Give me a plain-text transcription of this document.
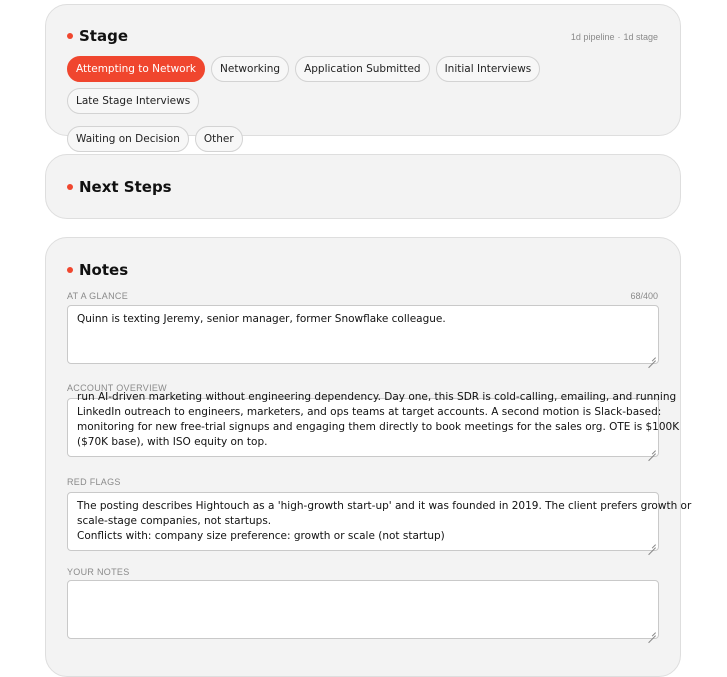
Stage	1d pipeline · 1d stage
Attempting to Network	Networking	Application Submitted	Initial Interviews
Late Stage Interviews
Waiting on Decision	Other
Next Steps
Notes
AT A GLANCE	68/400
Quinn is texting Jeremy, senior manager, former Snowflake colleague.
ACCOUNT OVERVIEW
run AI-driven marketing without engineering dependency. Day one, this SDR is cold-calling, emailing, and running
LinkedIn outreach to engineers, marketers, and ops teams at target accounts. A second motion is Slack-based:
monitoring for new free-trial signups and engaging them directly to book meetings for the sales org. OTE is $100K
($70K base), with ISO equity on top.
RED FLAGS
The posting describes Hightouch as a 'high-growth start-up' and it was founded in 2019. The client prefers growth or
scale-stage companies, not startups.
Conflicts with: company size preference: growth or scale (not startup)
YOUR NOTES
